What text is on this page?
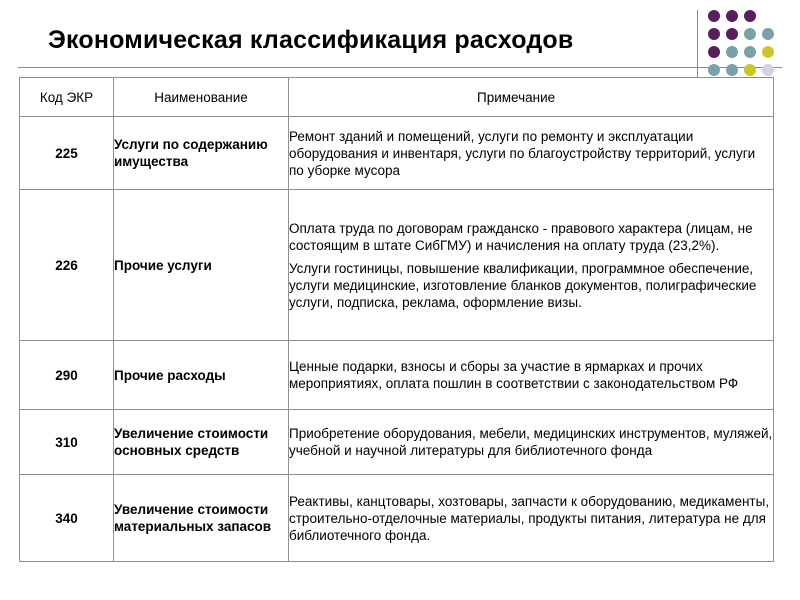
Экономическая классификация расходов
Код ЭКР	Наименование	Примечание
225	Услуги по содержанию имущества	Ремонт зданий и помещений, услуги по ремонту и эксплуатации оборудования и инвентаря, услуги по благоустройству территорий, услуги по уборке мусора

226	Прочие услуги	Оплата труда по договорам гражданско - правового характера (лицам, не состоящим в штате СибГМУ) и начисления на оплату труда (23,2%).
Услуги гостиницы, повышение квалификации, программное обеспечение, услуги медицинские, изготовление бланков документов, полиграфические услуги, подписка, реклама, оформление визы.

290	Прочие расходы	Ценные подарки, взносы и сборы за участие в ярмарках и прочих мероприятиях, оплата пошлин в соответствии с законодательством РФ

310	Увеличение стоимости основных средств	Приобретение оборудования, мебели, медицинских инструментов, муляжей, учебной и научной литературы для библиотечного фонда

340	Увеличение стоимости материальных запасов	Реактивы, канцтовары, хозтовары, запчасти к оборудованию, медикаменты, строительно-отделочные материалы, продукты питания, литература не для библиотечного фонда.
